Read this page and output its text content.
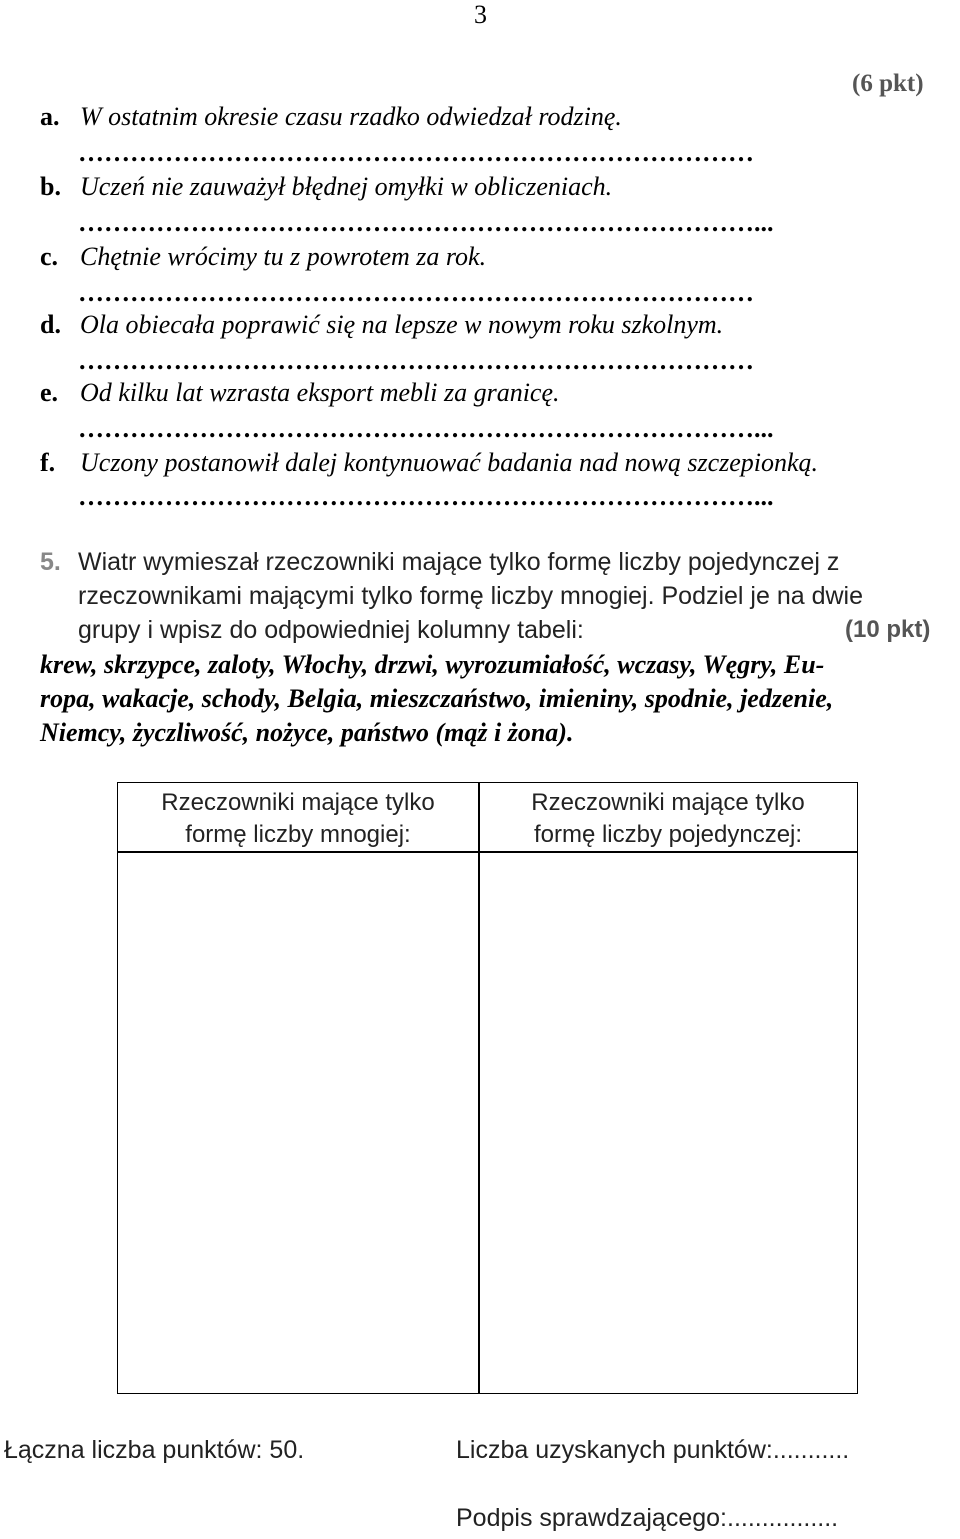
3
(6 pkt)
a. W ostatnim okresie czasu rzadko odwiedzał rodzinę.
……………………………………………………………………
b. Uczeń nie zauważył błędnej omyłki w obliczeniach.
……………………………………………………………………...
c. Chętnie wrócimy tu z powrotem za rok.
……………………………………………………………………
d. Ola obiecała poprawić się na lepsze w nowym roku szkolnym.
……………………………………………………………………
e. Od kilku lat wzrasta eksport mebli za granicę.
……………………………………………………………………...
f. Uczony postanowił dalej kontynuować badania nad nową szczepionką.
……………………………………………………………………...
5. Wiatr wymieszał rzeczowniki mające tylko formę liczby pojedynczej z
rzeczownikami mającymi tylko formę liczby mnogiej. Podziel je na dwie
grupy i wpisz do odpowiedniej kolumny tabeli:	(10 pkt)
krew, skrzypce, zaloty, Włochy, drzwi, wyrozumiałość, wczasy, Węgry, Eu-
ropa, wakacje, schody, Belgia, mieszczaństwo, imieniny, spodnie, jedzenie,
Niemcy, życzliwość, nożyce, państwo (mąż i żona).
Rzeczowniki mające tylko
formę liczby mnogiej:
Rzeczowniki mające tylko
formę liczby pojedynczej:
Łączna liczba punktów: 50.	Liczba uzyskanych punktów:...........
Podpis sprawdzającego:................
